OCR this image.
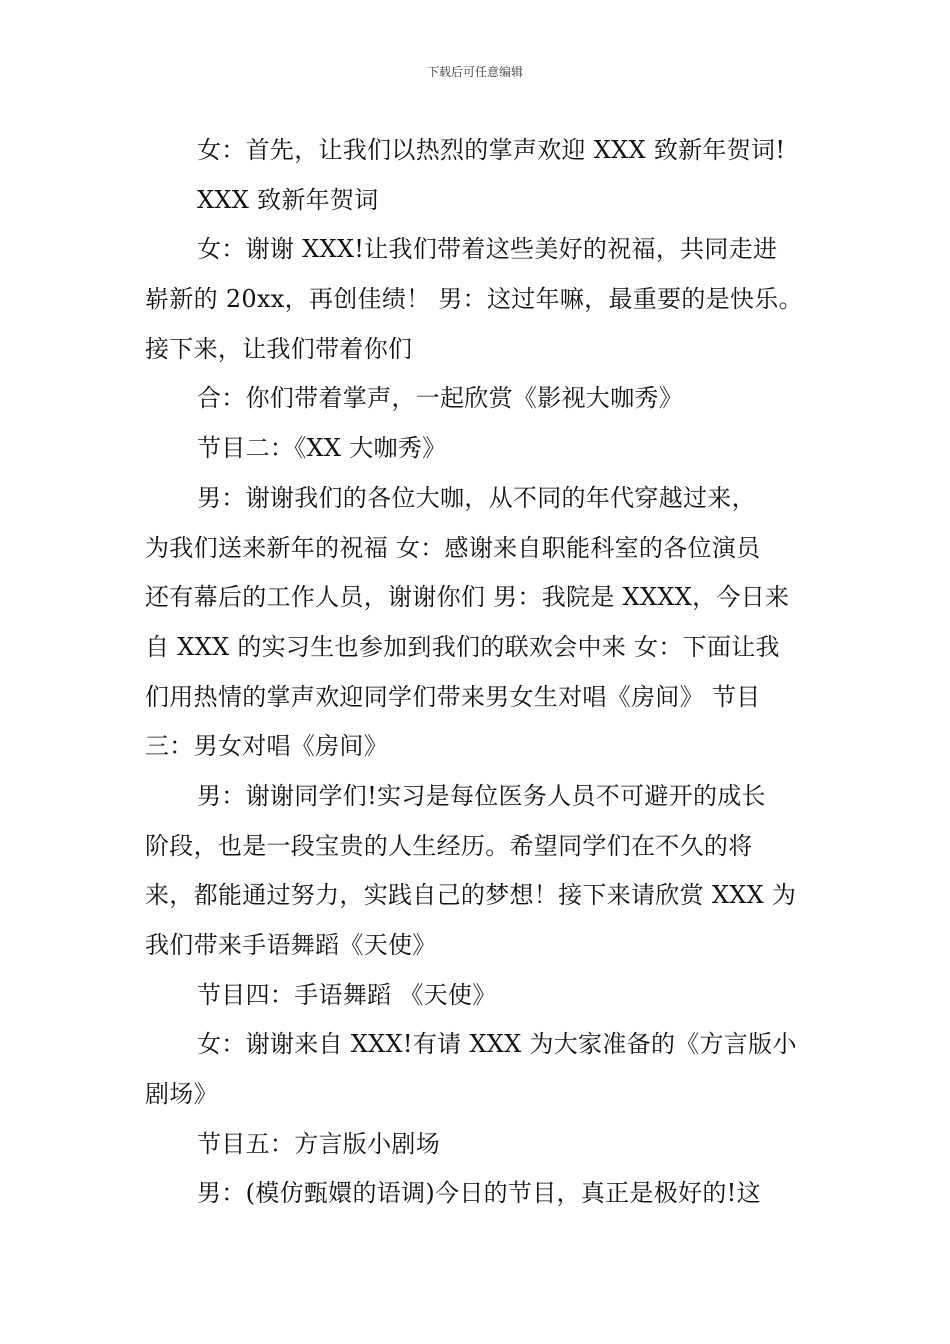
下载后可任意编辑
女：首先，让我们以热烈的掌声欢迎 XXX 致新年贺词!
XXX 致新年贺词
女：谢谢 XXX!让我们带着这些美好的祝福，共同走进
崭新的 20xx，再创佳绩！ 男：这过年嘛，最重要的是快乐。
接下来，让我们带着你们
合：你们带着掌声，一起欣赏《影视大咖秀》
节目二：《XX 大咖秀》
男：谢谢我们的各位大咖，从不同的年代穿越过来，
为我们送来新年的祝福 女：感谢来自职能科室的各位演员
还有幕后的工作人员，谢谢你们 男：我院是 XXXX，今日来
自 XXX 的实习生也参加到我们的联欢会中来 女：下面让我
们用热情的掌声欢迎同学们带来男女生对唱《房间》 节目
三：男女对唱《房间》
男：谢谢同学们!实习是每位医务人员不可避开的成长
阶段，也是一段宝贵的人生经历。希望同学们在不久的将
来，都能通过努力，实践自己的梦想！接下来请欣赏 XXX 为
我们带来手语舞蹈《天使》
节目四：手语舞蹈 《天使》
女：谢谢来自 XXX!有请 XXX 为大家准备的《方言版小
剧场》
节目五：方言版小剧场
男：(模仿甄嬛的语调)今日的节目，真正是极好的!这
